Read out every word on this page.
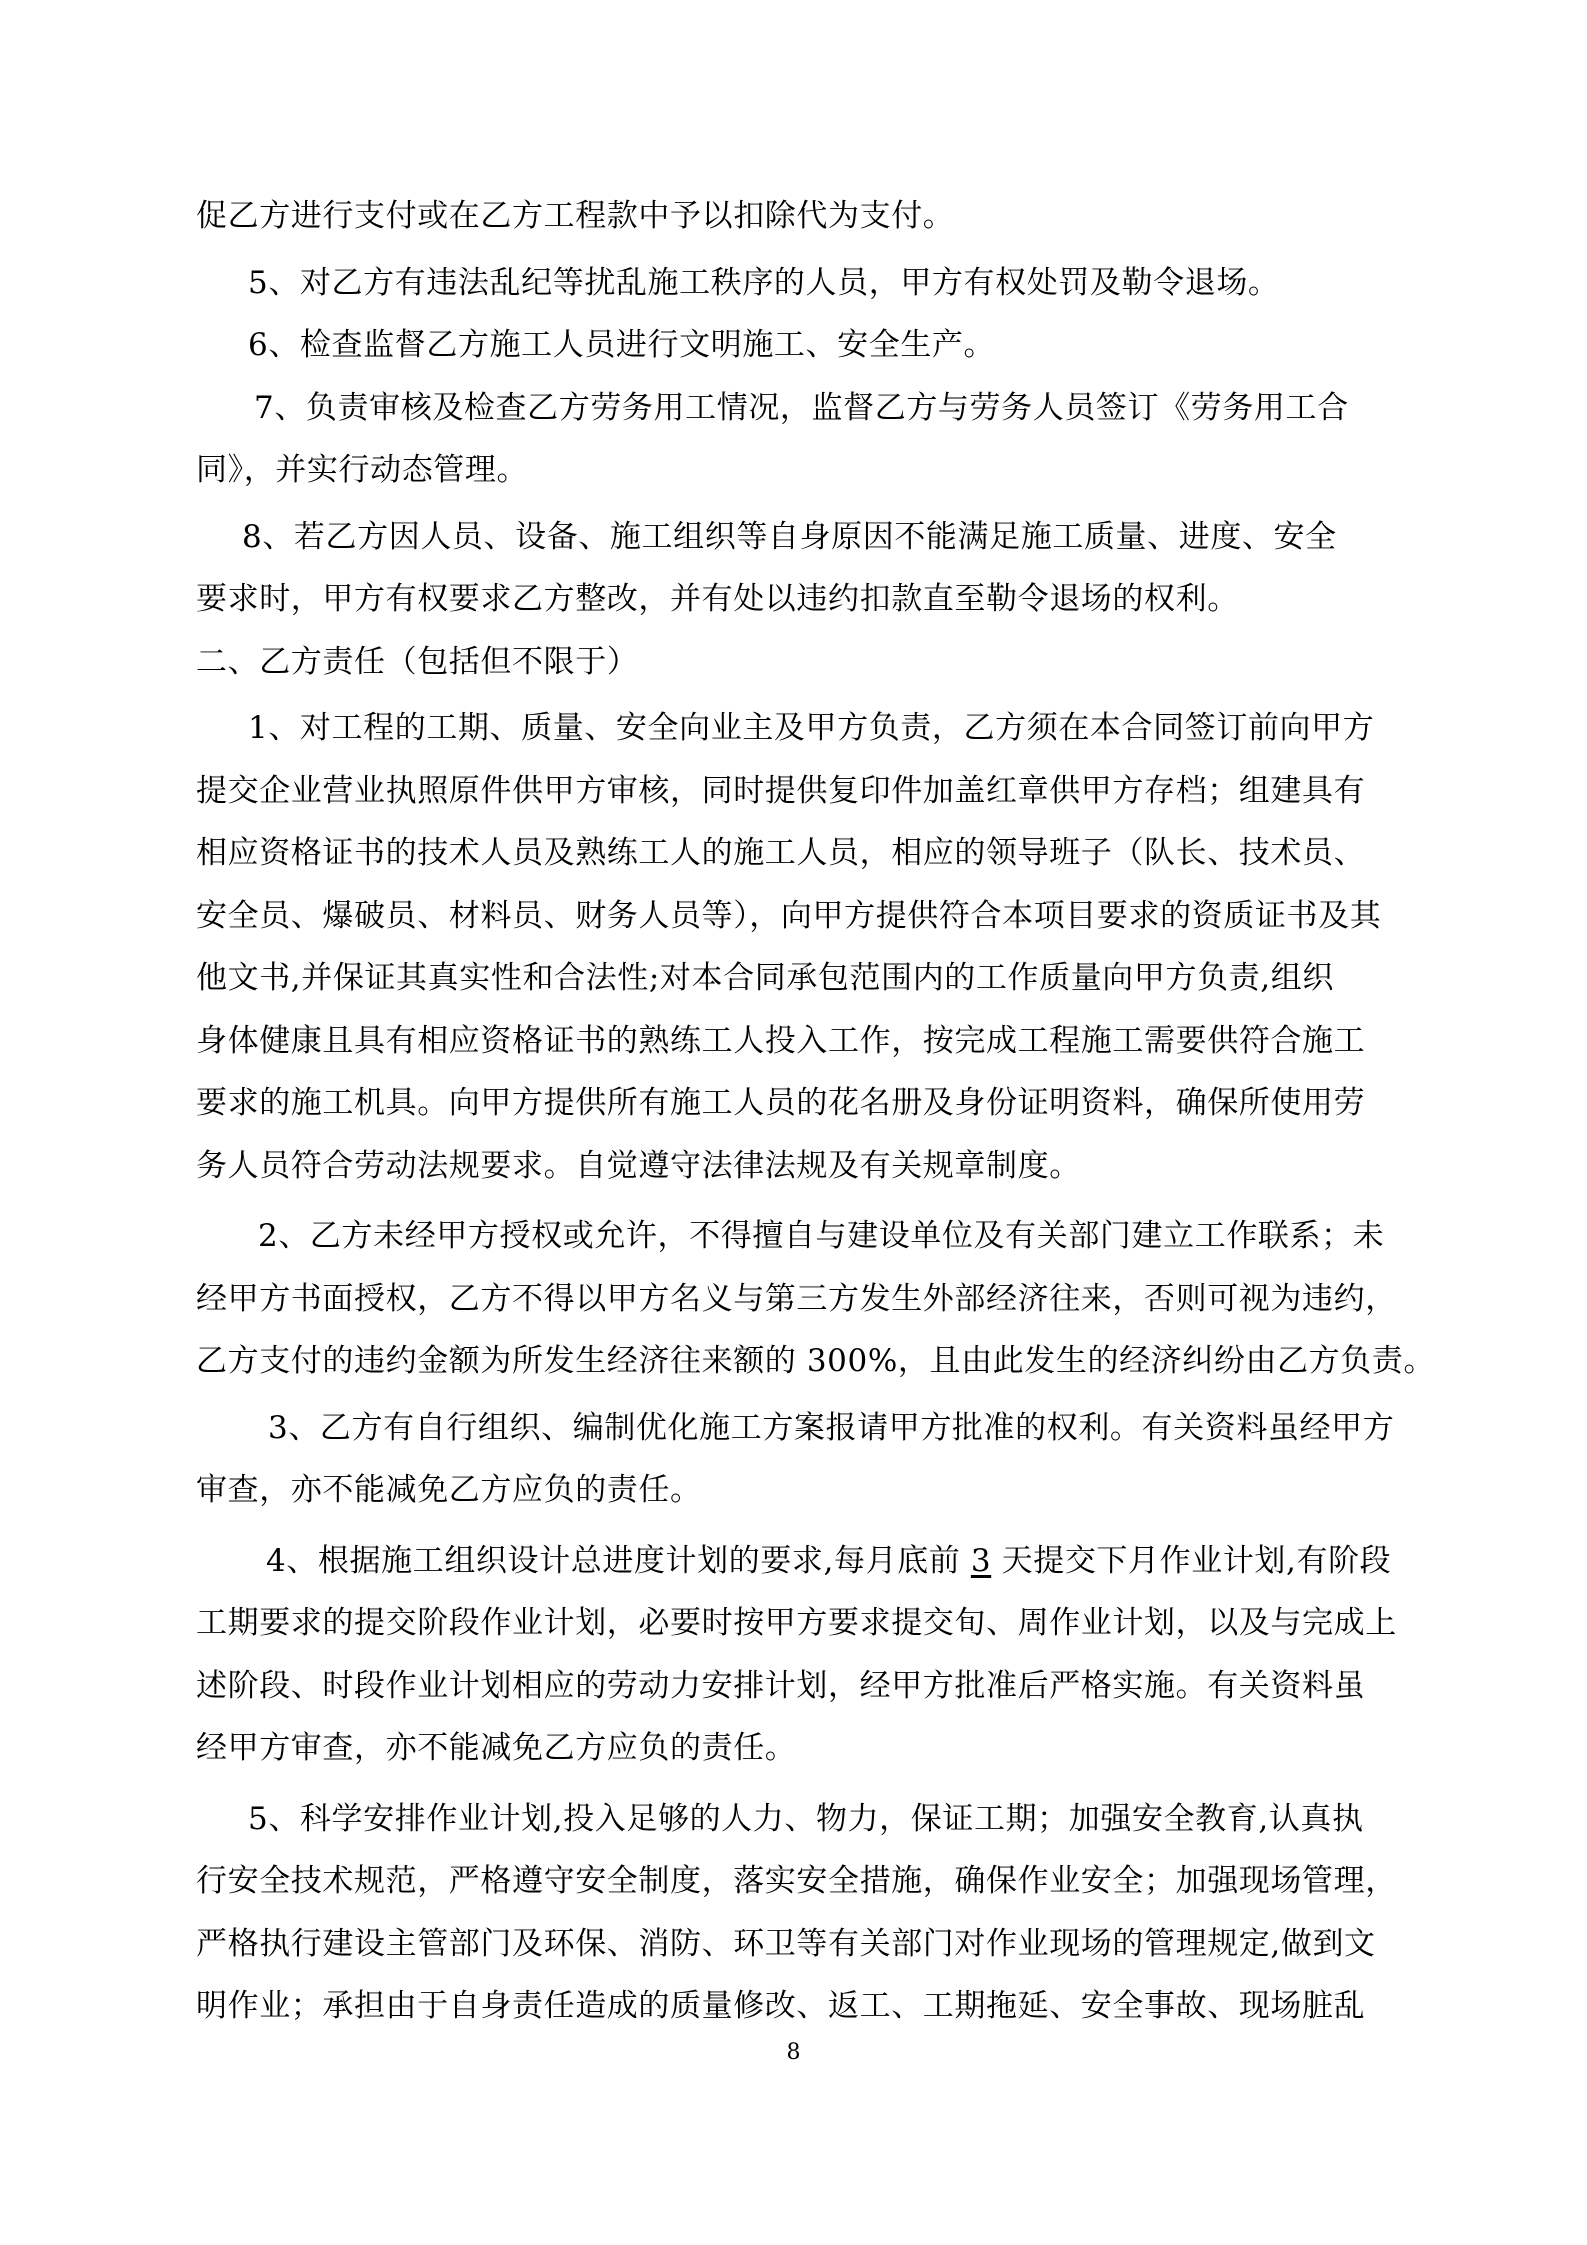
促乙方进行支付或在乙方工程款中予以扣除代为支付。

5、对乙方有违法乱纪等扰乱施工秩序的人员，甲方有权处罚及勒令退场。

6、检查监督乙方施工人员进行文明施工、安全生产。

7、负责审核及检查乙方劳务用工情况，监督乙方与劳务人员签订《劳务用工合
同》，并实行动态管理。

8、若乙方因人员、设备、施工组织等自身原因不能满足施工质量、进度、安全
要求时，甲方有权要求乙方整改，并有处以违约扣款直至勒令退场的权利。

二、乙方责任（包括但不限于）

1、对工程的工期、质量、安全向业主及甲方负责，乙方须在本合同签订前向甲方
提交企业营业执照原件供甲方审核，同时提供复印件加盖红章供甲方存档；组建具有
相应资格证书的技术人员及熟练工人的施工人员，相应的领导班子（队长、技术员、
安全员、爆破员、材料员、财务人员等），向甲方提供符合本项目要求的资质证书及其
他文书,并保证其真实性和合法性;对本合同承包范围内的工作质量向甲方负责,组织
身体健康且具有相应资格证书的熟练工人投入工作，按完成工程施工需要供符合施工
要求的施工机具。向甲方提供所有施工人员的花名册及身份证明资料，确保所使用劳
务人员符合劳动法规要求。自觉遵守法律法规及有关规章制度。

2、乙方未经甲方授权或允许，不得擅自与建设单位及有关部门建立工作联系；未
经甲方书面授权，乙方不得以甲方名义与第三方发生外部经济往来，否则可视为违约，
乙方支付的违约金额为所发生经济往来额的 300%，且由此发生的经济纠纷由乙方负责。

3、乙方有自行组织、编制优化施工方案报请甲方批准的权利。有关资料虽经甲方
审查，亦不能减免乙方应负的责任。

4、根据施工组织设计总进度计划的要求,每月底前 3 天提交下月作业计划,有阶段
工期要求的提交阶段作业计划，必要时按甲方要求提交旬、周作业计划，以及与完成上
述阶段、时段作业计划相应的劳动力安排计划，经甲方批准后严格实施。有关资料虽
经甲方审查，亦不能减免乙方应负的责任。

5、科学安排作业计划,投入足够的人力、物力，保证工期；加强安全教育,认真执
行安全技术规范，严格遵守安全制度，落实安全措施，确保作业安全；加强现场管理，
严格执行建设主管部门及环保、消防、环卫等有关部门对作业现场的管理规定,做到文
明作业；承担由于自身责任造成的质量修改、返工、工期拖延、安全事故、现场脏乱

8
